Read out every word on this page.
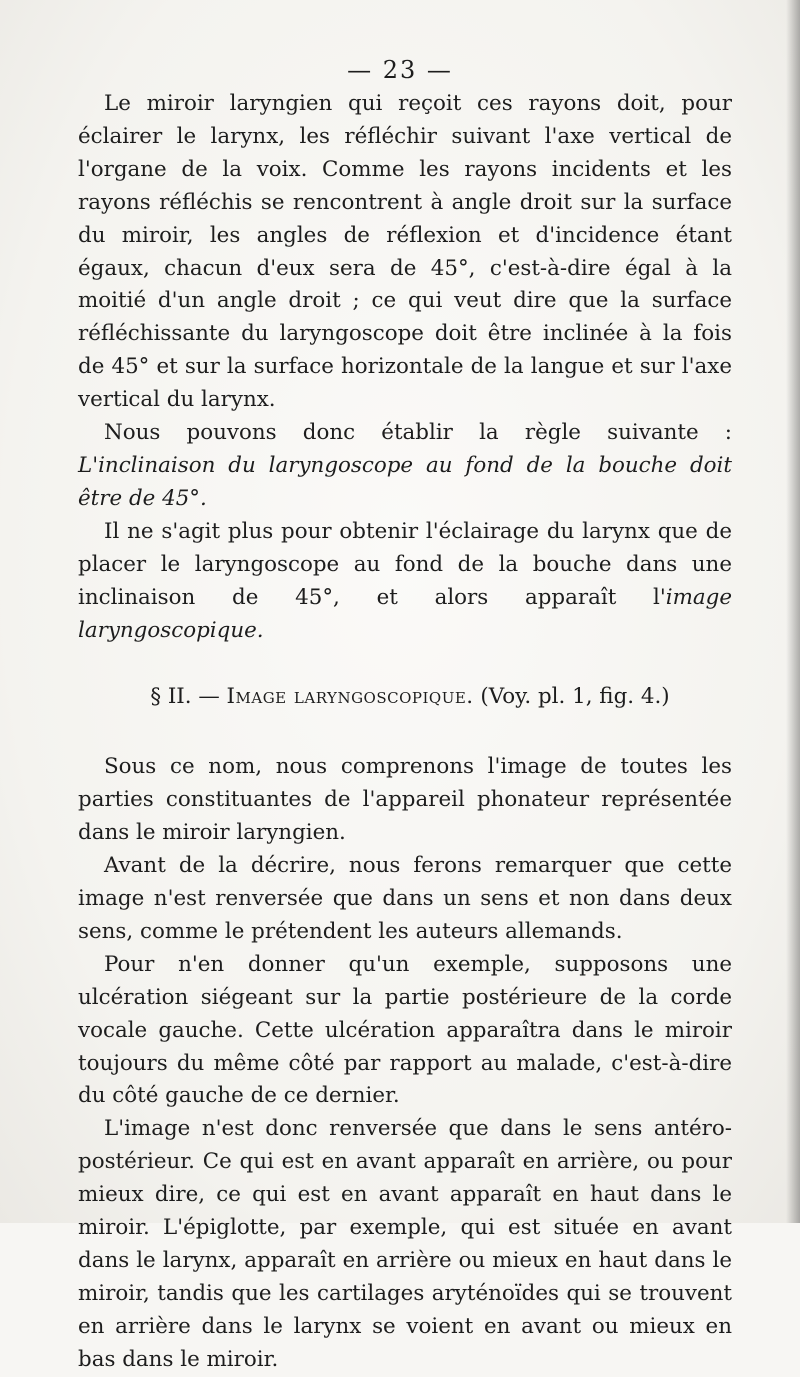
— 23 —

Le miroir laryngien qui reçoit ces rayons doit, pour éclairer le larynx, les réfléchir suivant l'axe vertical de l'organe de la voix. Comme les rayons incidents et les rayons réfléchis se rencontrent à angle droit sur la surface du miroir, les angles de réflexion et d'incidence étant égaux, chacun d'eux sera de 45°, c'est-à-dire égal à la moitié d'un angle droit ; ce qui veut dire que la surface réfléchissante du laryngoscope doit être inclinée à la fois de 45° et sur la surface horizontale de la langue et sur l'axe vertical du larynx.

Nous pouvons donc établir la règle suivante : L'inclinaison du laryngoscope au fond de la bouche doit être de 45°.

Il ne s'agit plus pour obtenir l'éclairage du larynx que de placer le laryngoscope au fond de la bouche dans une inclinaison de 45°, et alors apparaît l'image laryngoscopique.

§ II. — Image laryngoscopique. (Voy. pl. 1, fig. 4.)

Sous ce nom, nous comprenons l'image de toutes les parties constituantes de l'appareil phonateur représentée dans le miroir laryngien.

Avant de la décrire, nous ferons remarquer que cette image n'est renversée que dans un sens et non dans deux sens, comme le prétendent les auteurs allemands.

Pour n'en donner qu'un exemple, supposons une ulcération siégeant sur la partie postérieure de la corde vocale gauche. Cette ulcération apparaîtra dans le miroir toujours du même côté par rapport au malade, c'est-à-dire du côté gauche de ce dernier.

L'image n'est donc renversée que dans le sens antéro-postérieur. Ce qui est en avant apparaît en arrière, ou pour mieux dire, ce qui est en avant apparaît en haut dans le miroir. L'épiglotte, par exemple, qui est située en avant dans le larynx, apparaît en arrière ou mieux en haut dans le miroir, tandis que les cartilages aryténoïdes qui se trouvent en arrière dans le larynx se voient en avant ou mieux en bas dans le miroir.
